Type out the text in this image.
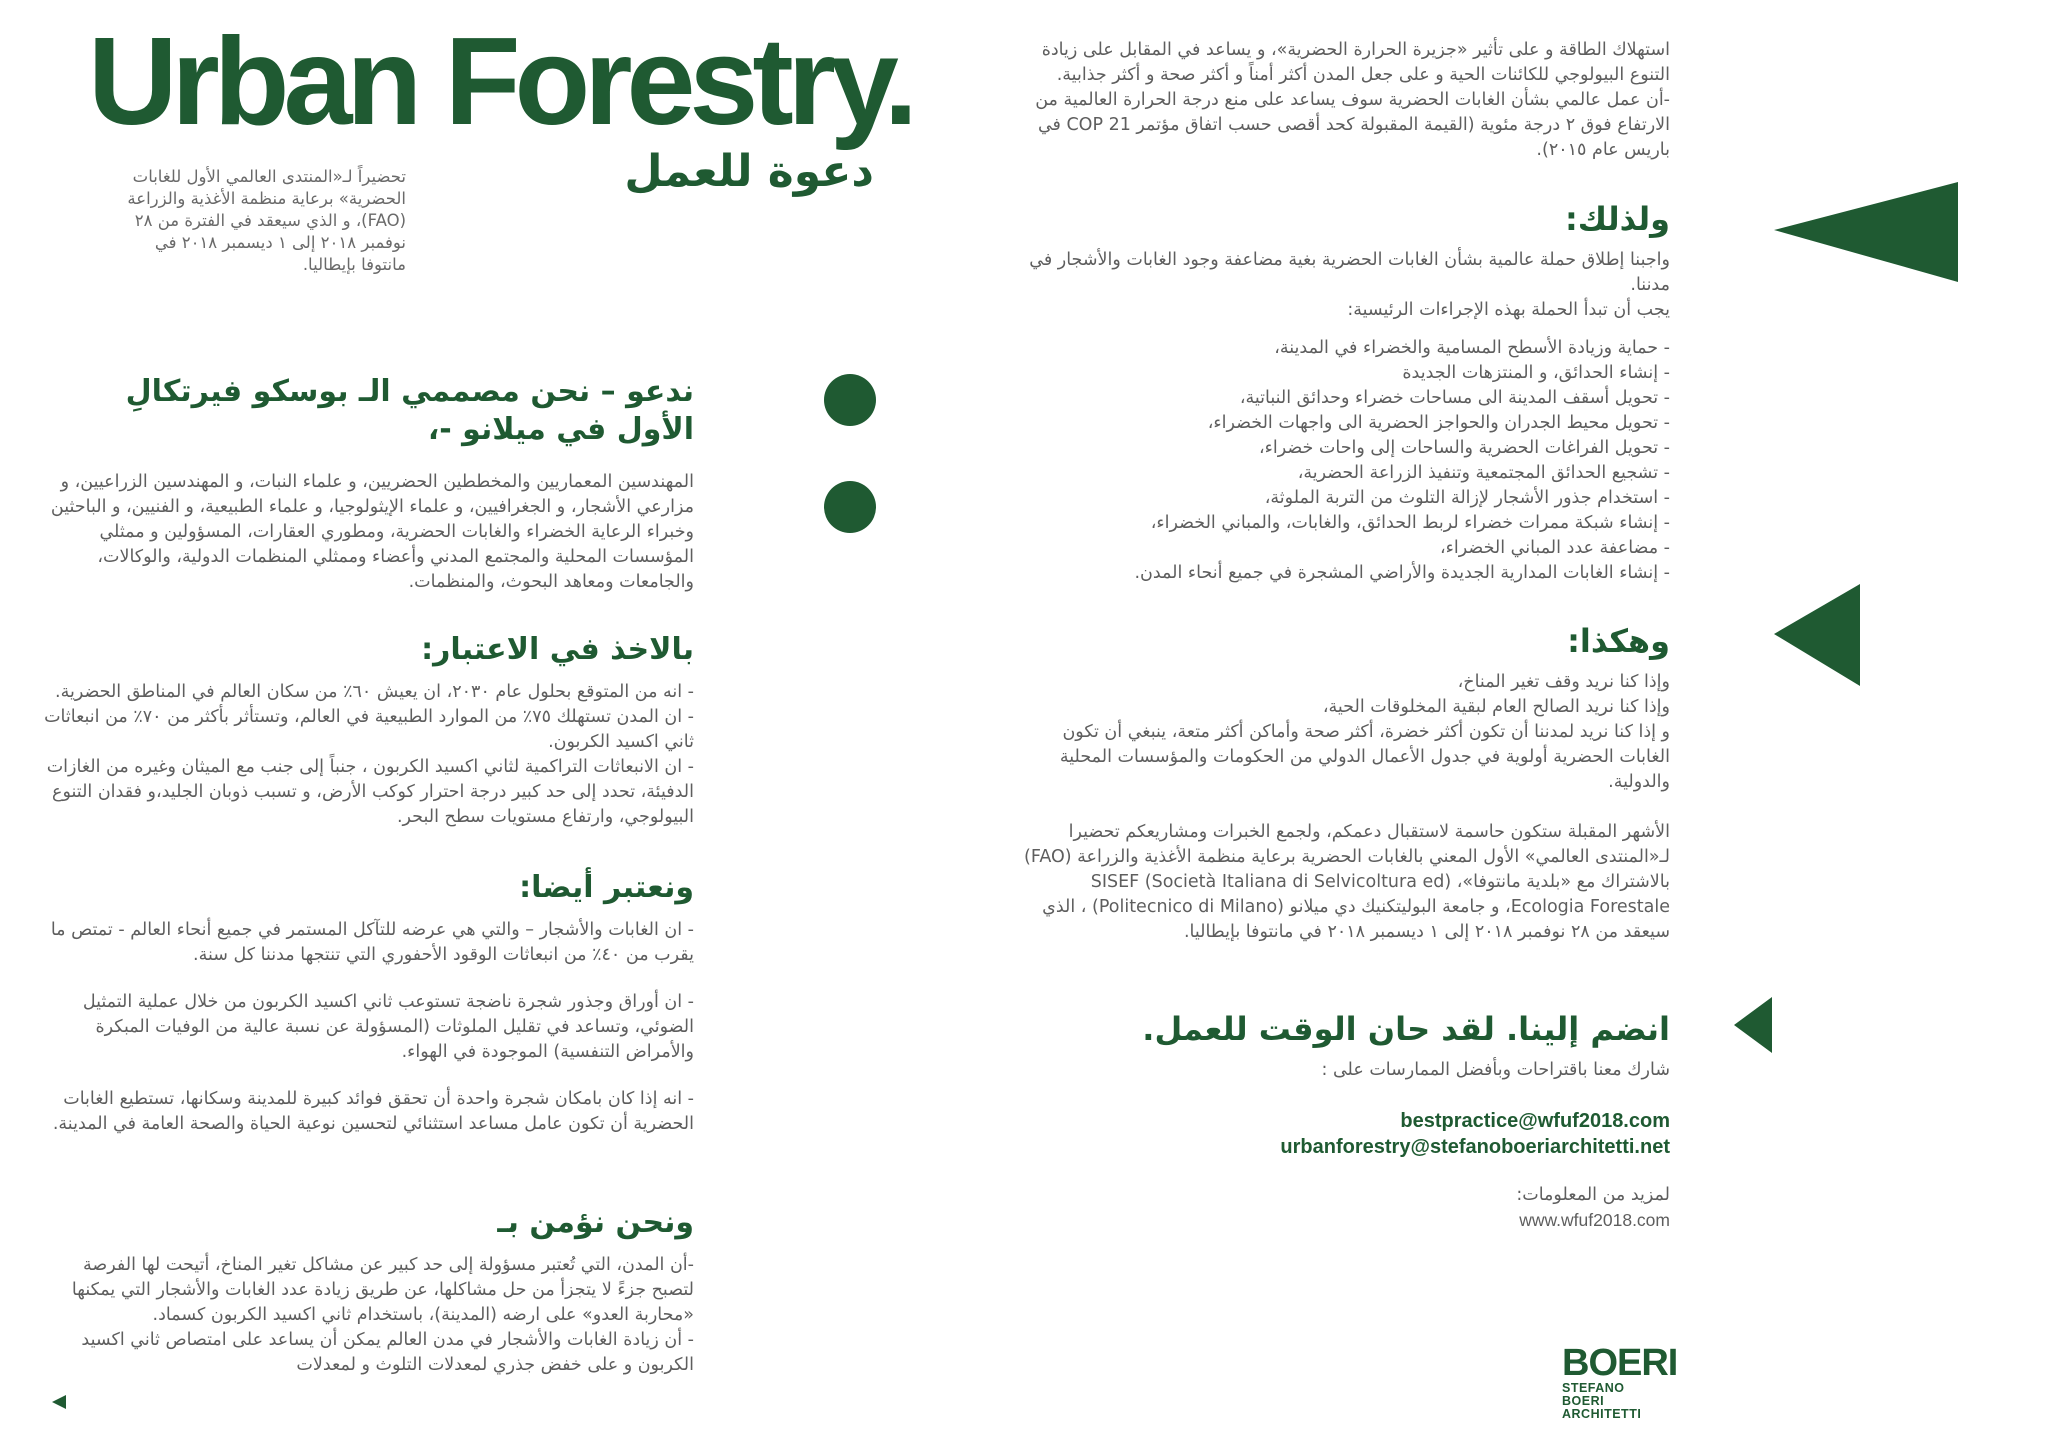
Urban Forestry.
دعوة للعمل
تحضيراً لـ«المنتدى العالمي الأول للغابات الحضرية» برعاية منظمة الأغذية والزراعة (FAO)، و الذي سيعقد في الفترة من ٢٨ نوفمبر ٢٠١٨ إلى ١ ديسمبر ٢٠١٨ في مانتوفا بإيطاليا.
ندعو – نحن مصممي الـ بوسكو فيرتكالِ الأول في ميلانو -،

المهندسين المعماريين والمخططين الحضريين، و علماء النبات، و المهندسين الزراعيين، و مزارعي الأشجار، و الجغرافيين، و علماء الإيثولوجيا، و علماء الطبيعية، و الفنيين، و الباحثين وخبراء الرعاية الخضراء والغابات الحضرية، ومطوري العقارات، المسؤولين و ممثلي المؤسسات المحلية والمجتمع المدني وأعضاء وممثلي المنظمات الدولية، والوكالات، والجامعات ومعاهد البحوث، والمنظمات.

بالاخذ في الاعتبار:
- انه من المتوقع بحلول عام ٢٠٣٠، ان يعيش ٦٠٪ من سكان العالم في المناطق الحضرية.
- ان المدن تستهلك ٧٥٪ من الموارد الطبيعية في العالم، وتستأثر بأكثر من ٧٠٪ من انبعاثات ثاني اكسيد الكربون.
- ان الانبعاثات التراكمية لثاني اكسيد الكربون ، جنباً إلى جنب مع الميثان وغيره من الغازات الدفيئة، تحدد إلى حد كبير درجة احترار كوكب الأرض، و تسبب ذوبان الجليد،و فقدان التنوع البيولوجي، وارتفاع مستويات سطح البحر.
ونعتبر أيضا:
- ان الغابات والأشجار – والتي هي عرضه للتآكل المستمر في جميع أنحاء العالم - تمتص ما يقرب من ٤٠٪ من انبعاثات الوقود الأحفوري التي تنتجها مدننا كل سنة.
- ان أوراق وجذور شجرة ناضجة تستوعب ثاني اكسيد الكربون من خلال عملية التمثيل الضوئي، وتساعد في تقليل الملوثات (المسؤولة عن نسبة عالية من الوفيات المبكرة والأمراض التنفسية) الموجودة في الهواء.
- انه إذا كان بامكان شجرة واحدة أن تحقق فوائد كبيرة للمدينة وسكانها، تستطيع الغابات الحضرية أن تكون عامل مساعد استثنائي لتحسين نوعية الحياة والصحة العامة في المدينة.
ونحن نؤمن بـ
-أن المدن، التي تُعتبر مسؤولة إلى حد كبير عن مشاكل تغير المناخ، أتيحت لها الفرصة لتصبح جزءً لا يتجزأ من حل مشاكلها، عن طريق زيادة عدد الغابات والأشجار التي يمكنها «محاربة العدو» على ارضه (المدينة)، باستخدام ثاني اكسيد الكربون كسماد.
- أن زيادة الغابات والأشجار في مدن العالم يمكن أن يساعد على امتصاص ثاني اكسيد الكربون و على خفض جذري لمعدلات التلوث و لمعدلات

استهلاك الطاقة و على تأثير «جزيرة الحرارة الحضرية»، و يساعد في المقابل على زيادة التنوع البيولوجي للكائنات الحية و على جعل المدن أكثر أمناً و أكثر صحة و أكثر جذابية.

-أن عمل عالمي بشأن الغابات الحضرية سوف يساعد على منع درجة الحرارة العالمية من الارتفاع فوق ٢ درجة مئوية (القيمة المقبولة كحد أقصى حسب اتفاق مؤتمر COP 21 في باريس عام ٢٠١٥).

ولذلك:

واجبنا إطلاق حملة عالمية بشأن الغابات الحضرية بغية مضاعفة وجود الغابات والأشجار في مدننا.

يجب أن تبدأ الحملة بهذه الإجراءات الرئيسية:

- حماية وزيادة الأسطح المسامية والخضراء في المدينة،
- إنشاء الحدائق، و المنتزهات الجديدة
- تحويل أسقف المدينة الى مساحات خضراء وحدائق النباتية،
- تحويل محيط الجدران والحواجز الحضرية الى واجهات الخضراء،
- تحويل الفراغات الحضرية والساحات إلى واحات خضراء،
- تشجيع الحدائق المجتمعية وتنفيذ الزراعة الحضرية،
- استخدام جذور الأشجار لإزالة التلوث من التربة الملوثة،
- إنشاء شبكة ممرات خضراء لربط الحدائق، والغابات، والمباني الخضراء،
- مضاعفة عدد المباني الخضراء،
- إنشاء الغابات المدارية الجديدة والأراضي المشجرة في جميع أنحاء المدن.
وهكذا:

وإذا كنا نريد وقف تغير المناخ،

وإذا كنا نريد الصالح العام لبقية المخلوقات الحية،

و إذا كنا نريد لمدننا أن تكون أكثر خضرة، أكثر صحة وأماكن أكثر متعة، ينبغي أن تكون الغابات الحضرية أولوية في جدول الأعمال الدولي من الحكومات والمؤسسات المحلية والدولية.

الأشهر المقبلة ستكون حاسمة لاستقبال دعمكم، ولجمع الخبرات ومشاريعكم تحضيرا لـ«المنتدى العالمي» الأول المعني بالغابات الحضرية برعاية منظمة الأغذية والزراعة (FAO) بالاشتراك مع «بلدية مانتوفا»، (SISEF (Società Italiana di Selvicoltura ed Ecologia Forestale، و جامعة البوليتكنيك دي ميلانو (Politecnico di Milano) ، الذي سيعقد من ٢٨ نوفمبر ٢٠١٨ إلى ١ ديسمبر ٢٠١٨ في مانتوفا بإيطاليا.

انضم إلينا. لقد حان الوقت للعمل.

شارك معنا باقتراحات وبأفضل الممارسات على :

bestpractice@wfuf2018.com
urbanforestry@stefanoboeriarchitetti.net

لمزيد من المعلومات:

www.wfuf2018.com

BOERI
STEFANO
BOERI
ARCHITETTI
